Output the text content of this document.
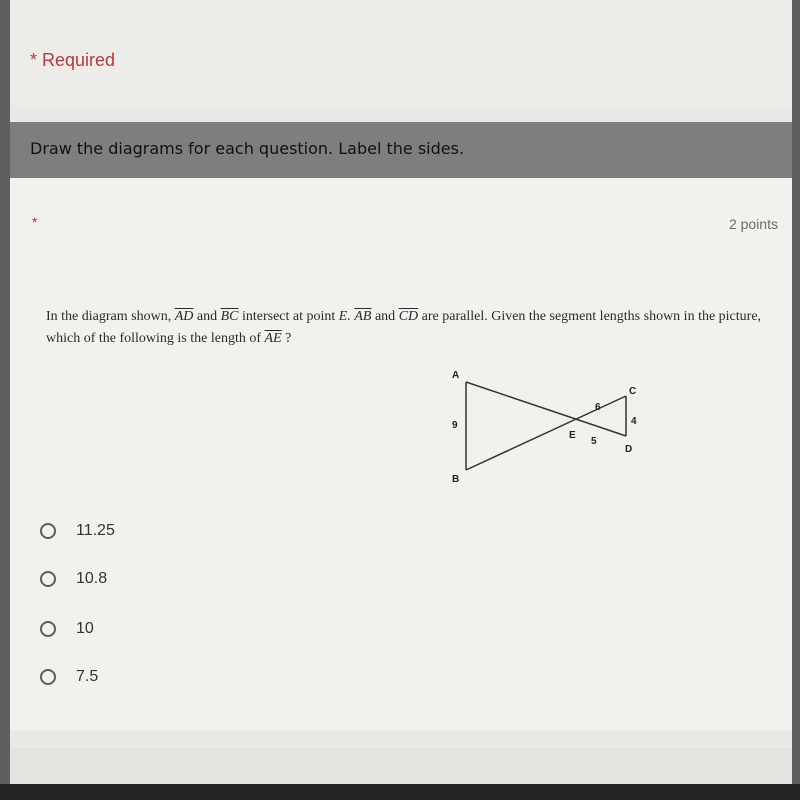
* Required
Draw the diagrams for each question. Label the sides.
*	2 points
In the diagram shown, $\overline{AD}$ and $\overline{BC}$ intersect at point E. $\overline{AB}$ and $\overline{CD}$ are parallel. Given the segment lengths shown in the picture, which of the following is the length of $\overline{AE}$ ?
A
B
C
D
E
9
6
4
5
11.25
10.8
10
7.5
